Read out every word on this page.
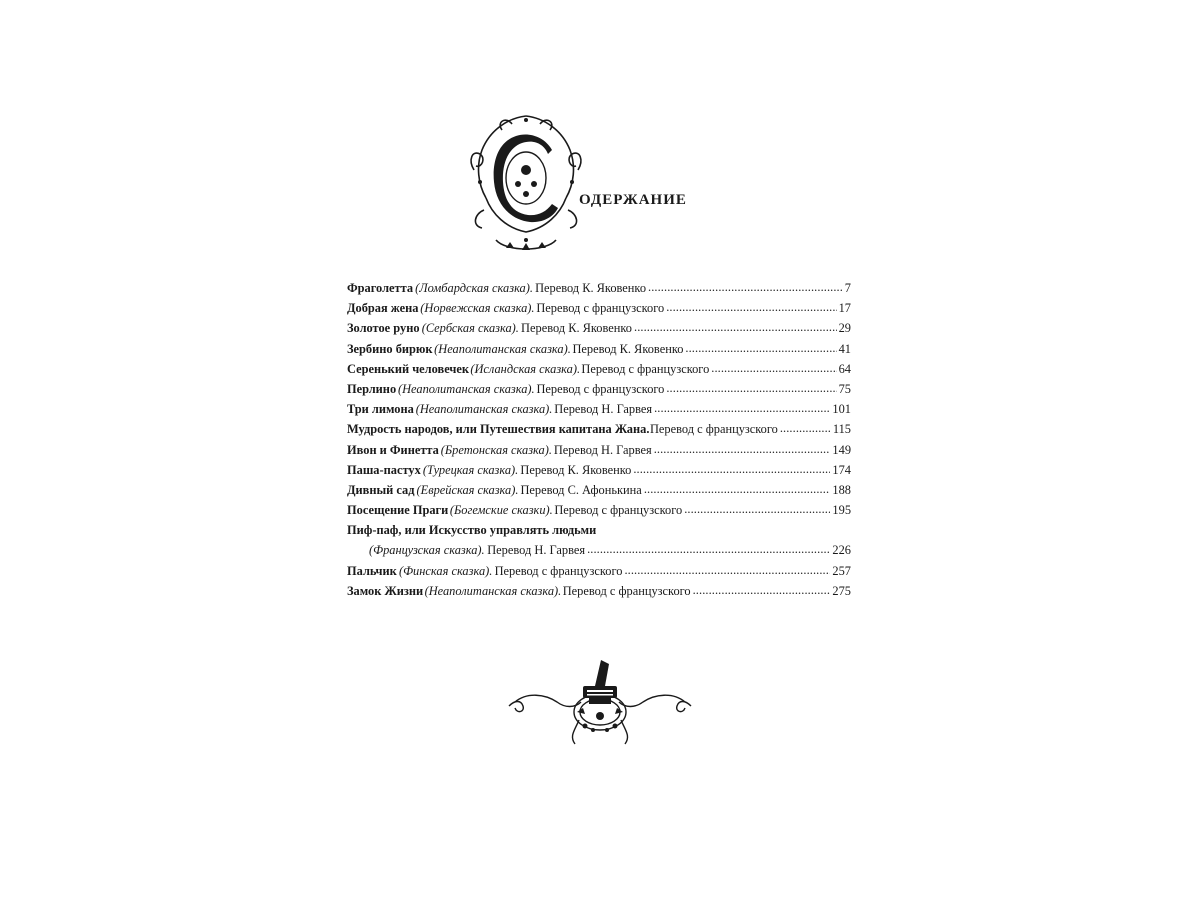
одержание
Фраголетта (Ломбардская сказка). Перевод К. Яковенко . . .	7
Добрая жена (Норвежская сказка). Перевод с французского . . .	17
Золотое руно (Сербская сказка). Перевод К. Яковенко . . .	29
Зербино бирюк (Неаполитанская сказка). Перевод К. Яковенко . . .	41
Серенький человечек (Исландская сказка). Перевод с французского . . .	64
Перлино (Неаполитанская сказка). Перевод с французского . . .	75
Три лимона (Неаполитанская сказка). Перевод Н. Гарвея . . .	101
Мудрость народов, или Путешествия капитана Жана. Перевод с французского . . .	115
Ивон и Финетта (Бретонская сказка). Перевод Н. Гарвея . . .	149
Паша-пастух (Турецкая сказка). Перевод К. Яковенко . . .	174
Дивный сад (Еврейская сказка). Перевод С. Афонькина . . .	188
Посещение Праги (Богемские сказки). Перевод с французского . . .	195
Пиф-паф, или Искусство управлять людьми
(Французская сказка). Перевод Н. Гарвея . . .	226
Пальчик (Финская сказка). Перевод с французского . . .	257
Замок Жизни (Неаполитанская сказка). Перевод с французского . . .	275
